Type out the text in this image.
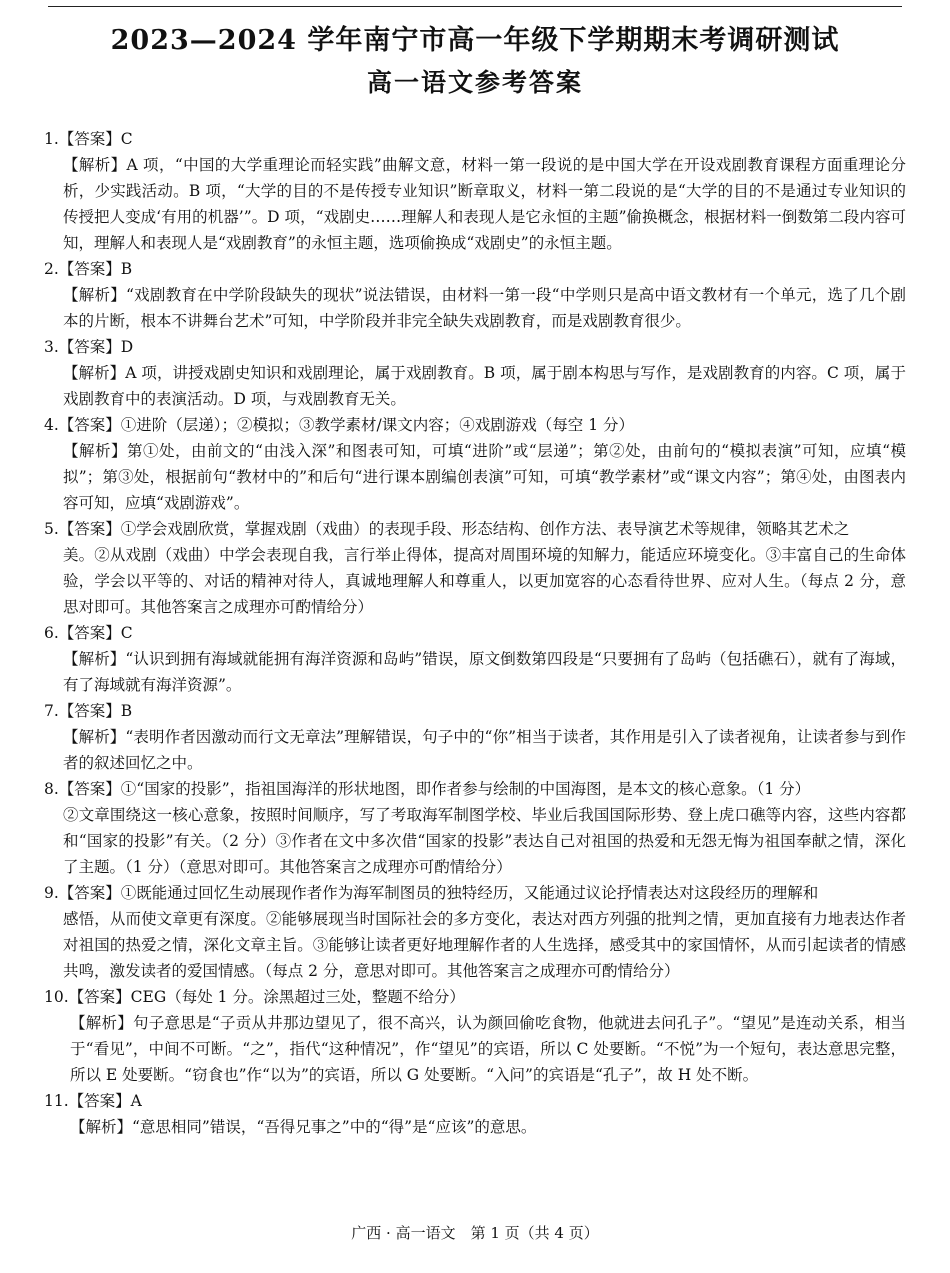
2023—2024 学年南宁市高一年级下学期期末考调研测试
高一语文参考答案
1.【答案】C
【解析】A 项，“中国的大学重理论而轻实践”曲解文意，材料一第一段说的是中国大学在开设戏剧教育课程方面重理论分析，少实践活动。B 项，“大学的目的不是传授专业知识”断章取义，材料一第二段说的是“大学的目的不是通过专业知识的传授把人变成‘有用的机器’”。D 项，“戏剧史……理解人和表现人是它永恒的主题”偷换概念，根据材料一倒数第二段内容可知，理解人和表现人是“戏剧教育”的永恒主题，选项偷换成“戏剧史”的永恒主题。
2.【答案】B
【解析】“戏剧教育在中学阶段缺失的现状”说法错误，由材料一第一段“中学则只是高中语文教材有一个单元，选了几个剧本的片断，根本不讲舞台艺术”可知，中学阶段并非完全缺失戏剧教育，而是戏剧教育很少。
3.【答案】D
【解析】A 项，讲授戏剧史知识和戏剧理论，属于戏剧教育。B 项，属于剧本构思与写作，是戏剧教育的内容。C 项，属于戏剧教育中的表演活动。D 项，与戏剧教育无关。
4.【答案】①进阶（层递）；②模拟；③教学素材/课文内容；④戏剧游戏（每空 1 分）
【解析】第①处，由前文的“由浅入深”和图表可知，可填“进阶”或“层递”；第②处，由前句的“模拟表演”可知，应填“模拟”；第③处，根据前句“教材中的”和后句“进行课本剧编创表演”可知，可填“教学素材”或“课文内容”；第④处，由图表内容可知，应填“戏剧游戏”。
5.【答案】①学会戏剧欣赏，掌握戏剧（戏曲）的表现手段、形态结构、创作方法、表导演艺术等规律，领略其艺术之
美。②从戏剧（戏曲）中学会表现自我，言行举止得体，提高对周围环境的知解力，能适应环境变化。③丰富自己的生命体验，学会以平等的、对话的精神对待人，真诚地理解人和尊重人，以更加宽容的心态看待世界、应对人生。（每点 2 分，意思对即可。其他答案言之成理亦可酌情给分）
6.【答案】C
【解析】“认识到拥有海域就能拥有海洋资源和岛屿”错误，原文倒数第四段是“只要拥有了岛屿（包括礁石），就有了海域，有了海域就有海洋资源”。
7.【答案】B
【解析】“表明作者因激动而行文无章法”理解错误，句子中的“你”相当于读者，其作用是引入了读者视角，让读者参与到作者的叙述回忆之中。
8.【答案】①“国家的投影”，指祖国海洋的形状地图，即作者参与绘制的中国海图，是本文的核心意象。（1 分）
②文章围绕这一核心意象，按照时间顺序，写了考取海军制图学校、毕业后我国国际形势、登上虎口礁等内容，这些内容都和“国家的投影”有关。（2 分）③作者在文中多次借“国家的投影”表达自己对祖国的热爱和无怨无悔为祖国奉献之情，深化了主题。（1 分）（意思对即可。其他答案言之成理亦可酌情给分）
9.【答案】①既能通过回忆生动展现作者作为海军制图员的独特经历，又能通过议论抒情表达对这段经历的理解和
感悟，从而使文章更有深度。②能够展现当时国际社会的多方变化，表达对西方列强的批判之情，更加直接有力地表达作者对祖国的热爱之情，深化文章主旨。③能够让读者更好地理解作者的人生选择，感受其中的家国情怀，从而引起读者的情感共鸣，激发读者的爱国情感。（每点 2 分，意思对即可。其他答案言之成理亦可酌情给分）
10.【答案】CEG（每处 1 分。涂黑超过三处，整题不给分）
【解析】句子意思是“子贡从井那边望见了，很不高兴，认为颜回偷吃食物，他就进去问孔子”。“望见”是连动关系，相当于“看见”，中间不可断。“之”，指代“这种情况”，作“望见”的宾语，所以 C 处要断。“不悦”为一个短句，表达意思完整，所以 E 处要断。“窃食也”作“以为”的宾语，所以 G 处要断。“入问”的宾语是“孔子”，故 H 处不断。
11.【答案】A
【解析】“意思相同”错误，“吾得兄事之”中的“得”是“应该”的意思。
广西 · 高一语文　第 1 页（共 4 页）
